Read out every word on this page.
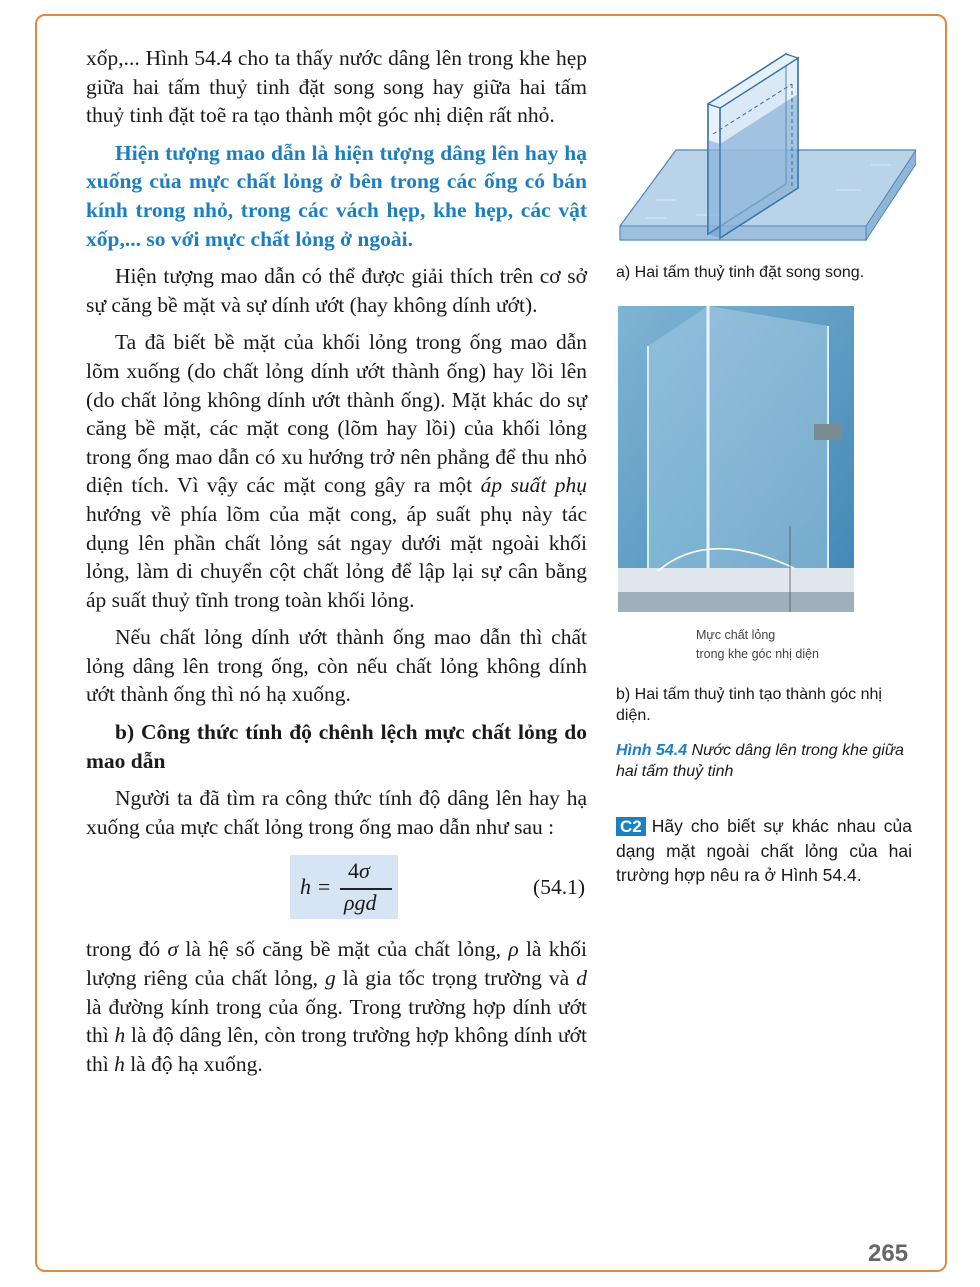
xốp,... Hình 54.4 cho ta thấy nước dâng lên trong khe hẹp giữa hai tấm thuỷ tinh đặt song song hay giữa hai tấm thuỷ tinh đặt toẽ ra tạo thành một góc nhị diện rất nhỏ.

Hiện tượng mao dẫn là hiện tượng dâng lên hay hạ xuống của mực chất lỏng ở bên trong các ống có bán kính trong nhỏ, trong các vách hẹp, khe hẹp, các vật xốp,... so với mực chất lỏng ở ngoài.

Hiện tượng mao dẫn có thể được giải thích trên cơ sở sự căng bề mặt và sự dính ướt (hay không dính ướt).

Ta đã biết bề mặt của khối lỏng trong ống mao dẫn lõm xuống (do chất lỏng dính ướt thành ống) hay lồi lên (do chất lỏng không dính ướt thành ống). Mặt khác do sự căng bề mặt, các mặt cong (lõm hay lồi) của khối lỏng trong ống mao dẫn có xu hướng trở nên phẳng để thu nhỏ diện tích. Vì vậy các mặt cong gây ra một áp suất phụ hướng về phía lõm của mặt cong, áp suất phụ này tác dụng lên phần chất lỏng sát ngay dưới mặt ngoài khối lỏng, làm di chuyển cột chất lỏng để lập lại sự cân bằng áp suất thuỷ tĩnh trong toàn khối lỏng.

Nếu chất lỏng dính ướt thành ống mao dẫn thì chất lỏng dâng lên trong ống, còn nếu chất lỏng không dính ướt thành ống thì nó hạ xuống.

b) Công thức tính độ chênh lệch mực chất lỏng do mao dẫn

Người ta đã tìm ra công thức tính độ dâng lên hay hạ xuống của mực chất lỏng trong ống mao dẫn như sau :

h =
4σ
ρgd
(54.1)

trong đó σ là hệ số căng bề mặt của chất lỏng, ρ là khối lượng riêng của chất lỏng, g là gia tốc trọng trường và d là đường kính trong của ống. Trong trường hợp dính ướt thì h là độ dâng lên, còn trong trường hợp không dính ướt thì h là độ hạ xuống.

a) Hai tấm thuỷ tinh đặt song song.
Mực chất lỏng
trong khe góc nhị diện
b) Hai tấm thuỷ tinh tạo thành góc nhị diện.
Hình 54.4 Nước dâng lên trong khe giữa hai tấm thuỷ tinh
C2 Hãy cho biết sự khác nhau của dạng mặt ngoài chất lỏng của hai trường hợp nêu ra ở Hình 54.4.
265
